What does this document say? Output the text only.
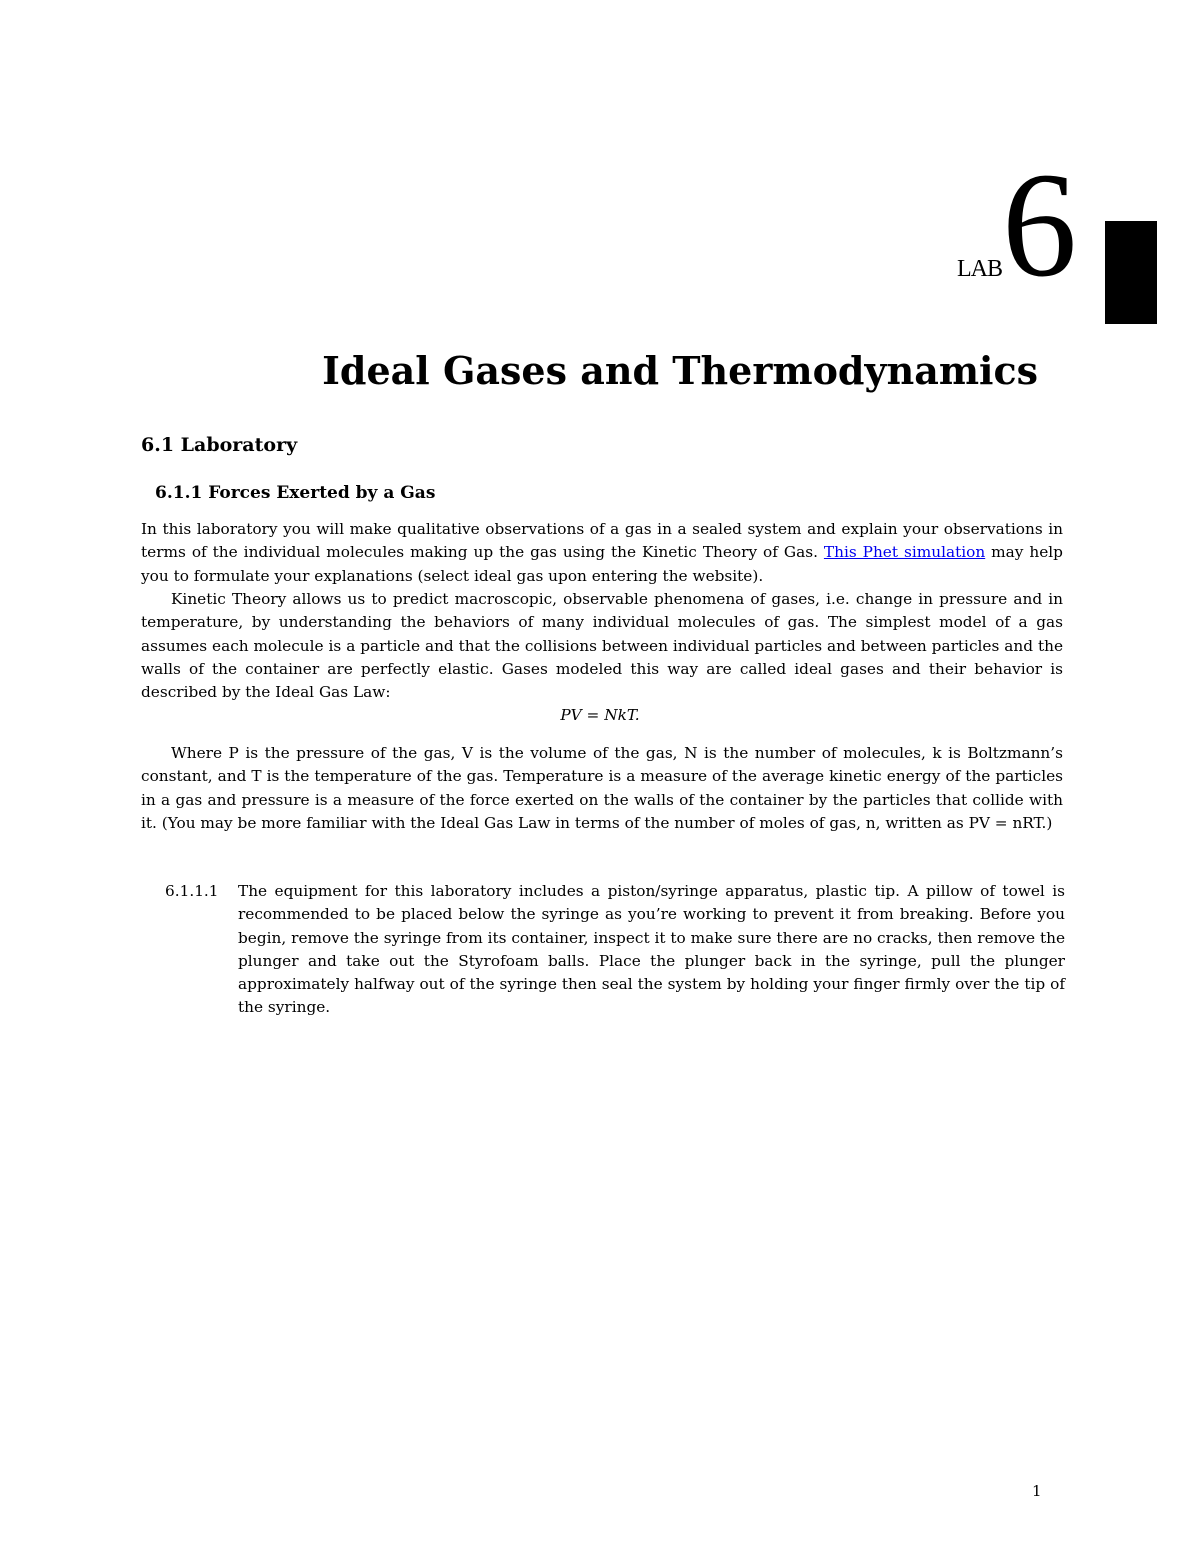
LAB 6
Ideal Gases and Thermodynamics
6.1 Laboratory
6.1.1 Forces Exerted by a Gas
In this laboratory you will make qualitative observations of a gas in a sealed system and explain your observations in terms of the individual molecules making up the gas using the Kinetic Theory of Gas. This Phet simulation may help you to formulate your explanations (select ideal gas upon entering the website).
Kinetic Theory allows us to predict macroscopic, observable phenomena of gases, i.e. change in pressure and in temperature, by understanding the behaviors of many individual molecules of gas. The simplest model of a gas assumes each molecule is a particle and that the collisions between individual particles and between particles and the walls of the container are perfectly elastic. Gases modeled this way are called ideal gases and their behavior is described by the Ideal Gas Law:
PV = NkT.
Where P is the pressure of the gas, V is the volume of the gas, N is the number of molecules, k is Boltzmann’s constant, and T is the temperature of the gas. Temperature is a measure of the average kinetic energy of the particles in a gas and pressure is a measure of the force exerted on the walls of the container by the particles that collide with it. (You may be more familiar with the Ideal Gas Law in terms of the number of moles of gas, n, written as PV = nRT.)
6.1.1.1 The equipment for this laboratory includes a piston/syringe apparatus, plastic tip. A pillow of towel is recommended to be placed below the syringe as you’re working to prevent it from breaking. Before you begin, remove the syringe from its container, inspect it to make sure there are no cracks, then remove the plunger and take out the Styrofoam balls. Place the plunger back in the syringe, pull the plunger approximately halfway out of the syringe then seal the system by holding your finger firmly over the tip of the syringe.
1
